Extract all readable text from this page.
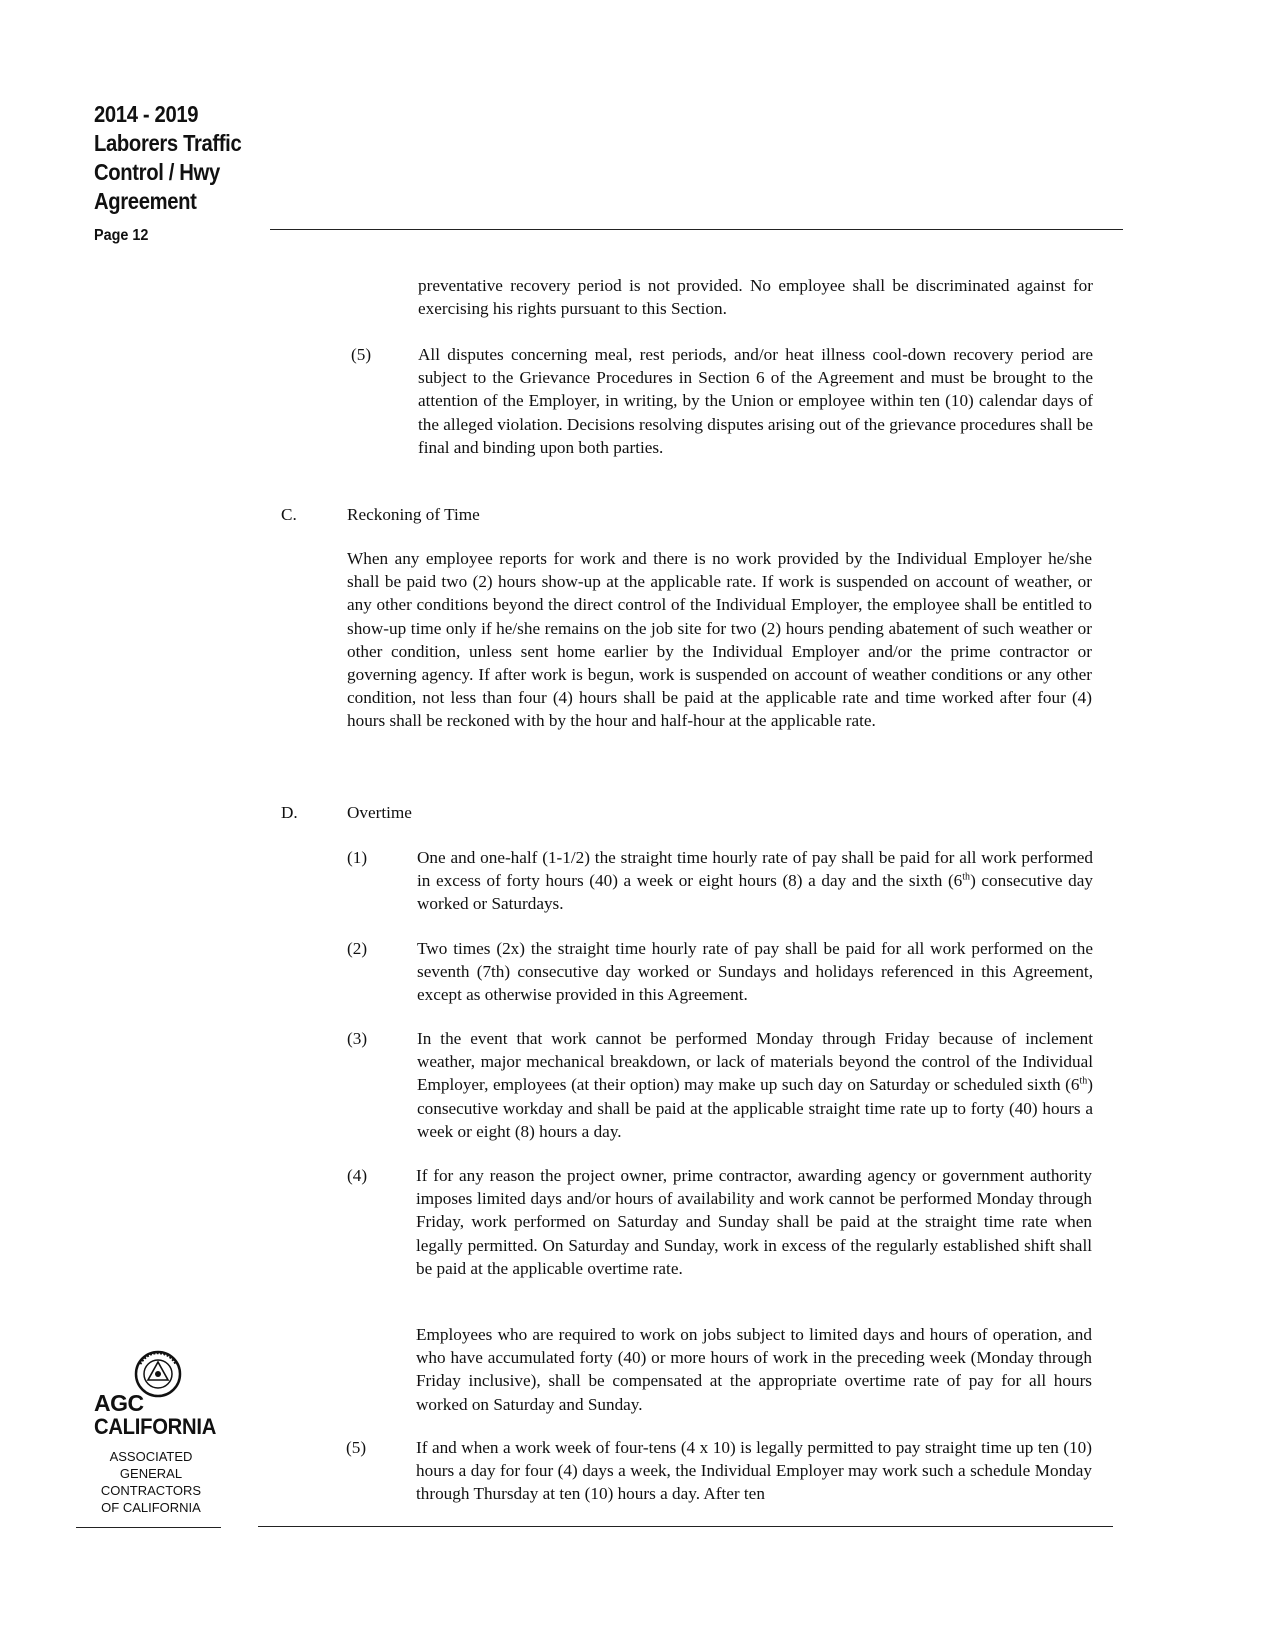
2014 - 2019
Laborers Traffic
Control / Hwy
Agreement
Page 12
preventative recovery period is not provided. No employee shall be discriminated against for exercising his rights pursuant to this Section.
(5)	All disputes concerning meal, rest periods, and/or heat illness cool-down recovery period are subject to the Grievance Procedures in Section 6 of the Agreement and must be brought to the attention of the Employer, in writing, by the Union or employee within ten (10) calendar days of the alleged violation. Decisions resolving disputes arising out of the grievance procedures shall be final and binding upon both parties.
C.	Reckoning of Time
When any employee reports for work and there is no work provided by the Individual Employer he/she shall be paid two (2) hours show-up at the applicable rate. If work is suspended on account of weather, or any other conditions beyond the direct control of the Individual Employer, the employee shall be entitled to show-up time only if he/she remains on the job site for two (2) hours pending abatement of such weather or other condition, unless sent home earlier by the Individual Employer and/or the prime contractor or governing agency. If after work is begun, work is suspended on account of weather conditions or any other condition, not less than four (4) hours shall be paid at the applicable rate and time worked after four (4) hours shall be reckoned with by the hour and half-hour at the applicable rate.
D.	Overtime
(1)	One and one-half (1-1/2) the straight time hourly rate of pay shall be paid for all work performed in excess of forty hours (40) a week or eight hours (8) a day and the sixth (6th) consecutive day worked or Saturdays.
(2)	Two times (2x) the straight time hourly rate of pay shall be paid for all work performed on the seventh (7th) consecutive day worked or Sundays and holidays referenced in this Agreement, except as otherwise provided in this Agreement.
(3)	In the event that work cannot be performed Monday through Friday because of inclement weather, major mechanical breakdown, or lack of materials beyond the control of the Individual Employer, employees (at their option) may make up such day on Saturday or scheduled sixth (6th) consecutive workday and shall be paid at the applicable straight time rate up to forty (40) hours a week or eight (8) hours a day.
(4)	If for any reason the project owner, prime contractor, awarding agency or government authority imposes limited days and/or hours of availability and work cannot be performed Monday through Friday, work performed on Saturday and Sunday shall be paid at the straight time rate when legally permitted. On Saturday and Sunday, work in excess of the regularly established shift shall be paid at the applicable overtime rate.
Employees who are required to work on jobs subject to limited days and hours of operation, and who have accumulated forty (40) or more hours of work in the preceding week (Monday through Friday inclusive), shall be compensated at the appropriate overtime rate of pay for all hours worked on Saturday and Sunday.
(5)	If and when a work week of four-tens (4 x 10) is legally permitted to pay straight time up ten (10) hours a day for four (4) days a week, the Individual Employer may work such a schedule Monday through Thursday at ten (10) hours a day. After ten
AGC
CALIFORNIA
ASSOCIATED
GENERAL
CONTRACTORS
OF CALIFORNIA
